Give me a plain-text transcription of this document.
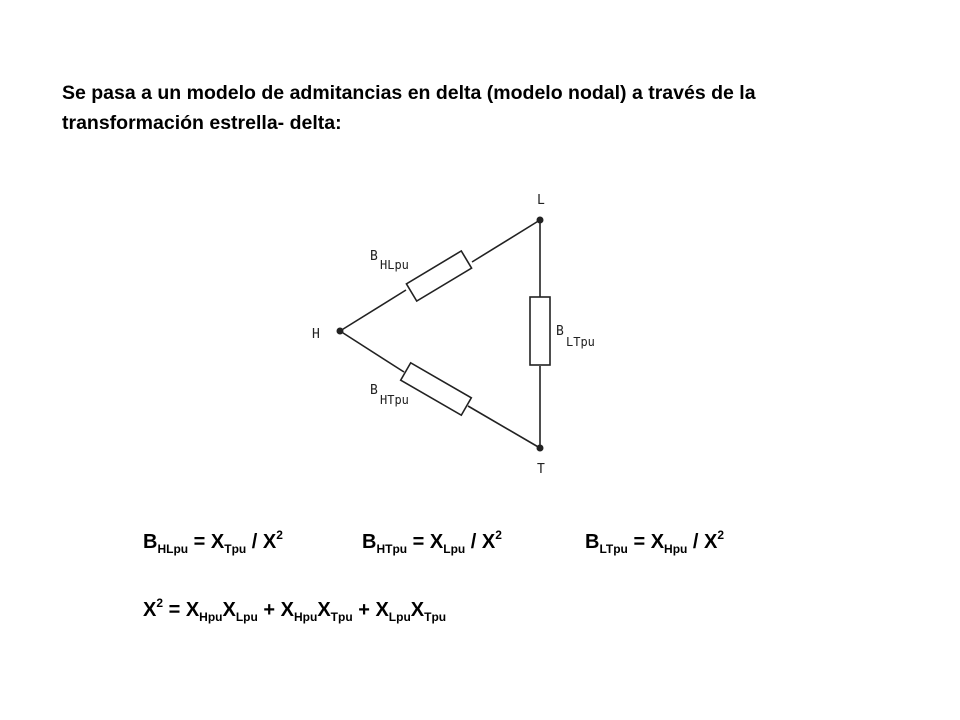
Se pasa a un modelo de admitancias en delta (modelo nodal) a través de la
transformación estrella- delta:

H
L
T
B
HLpu
B
HTpu
B
LTpu
$B_{HLpu} = X_{Tpu} / X^2$	$B_{HTpu} = X_{Lpu} / X^2$	$B_{LTpu} = X_{Hpu} / X^2$
$X^2 = X_{Hpu}X_{Lpu} + X_{Hpu}X_{Tpu} + X_{Lpu}X_{Tpu}$
